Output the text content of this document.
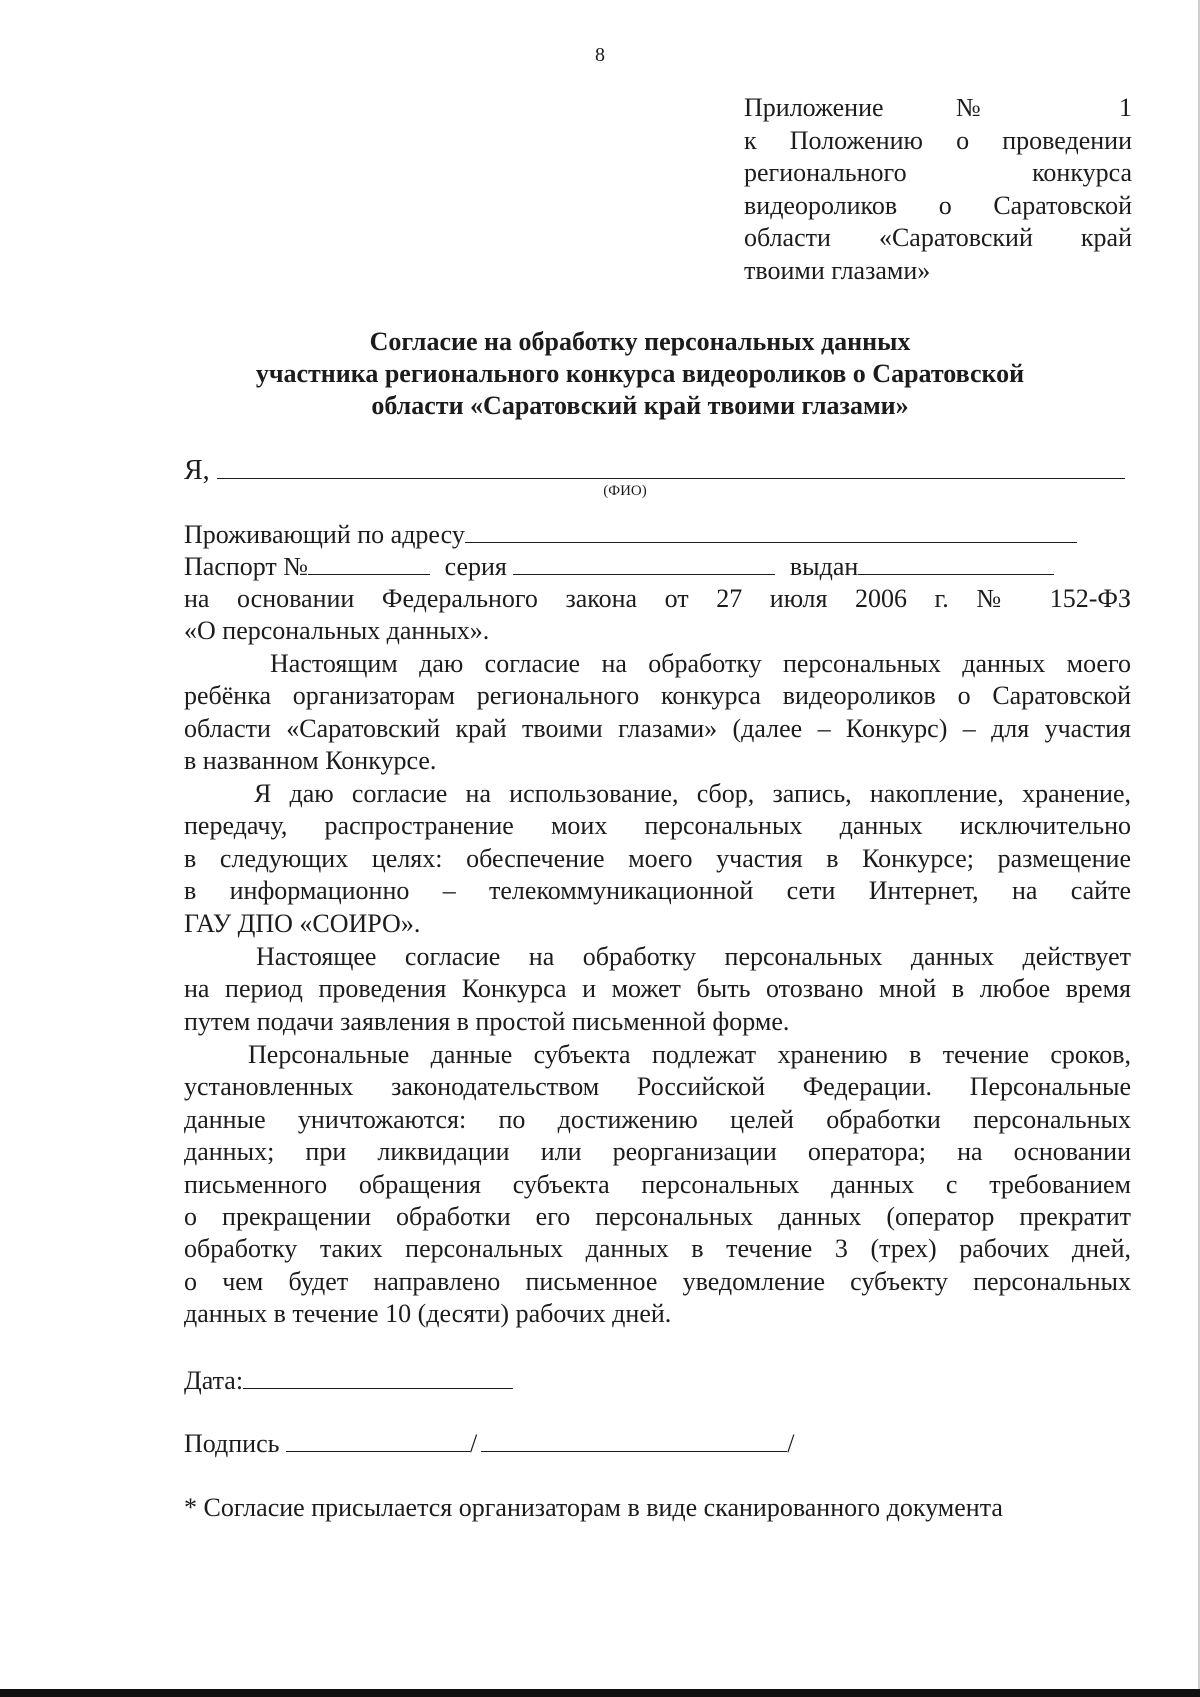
8
Приложение № 1
к Положению о проведении
регионального конкурса
видеороликов о Саратовской
области «Саратовский край
твоими глазами»
Согласие на обработку персональных данных
участника регионального конкурса видеороликов о Саратовской
области «Саратовский край твоими глазами»
Я,
(ФИО)
Проживающий по адресу
Паспорт №	серия	выдан
на основании Федерального закона от 27 июля 2006 г. № 152-ФЗ
«О персональных данных».
Настоящим даю согласие на обработку персональных данных моего
ребёнка организаторам регионального конкурса видеороликов о Саратовской
области «Саратовский край твоими глазами» (далее – Конкурс) – для участия
в названном Конкурсе.
Я даю согласие на использование, сбор, запись, накопление, хранение,
передачу, распространение моих персональных данных исключительно
в следующих целях: обеспечение моего участия в Конкурсе; размещение
в информационно – телекоммуникационной сети Интернет, на сайте
ГАУ ДПО «СОИРО».
Настоящее согласие на обработку персональных данных действует
на период проведения Конкурса и может быть отозвано мной в любое время
путем подачи заявления в простой письменной форме.
Персональные данные субъекта подлежат хранению в течение сроков,
установленных законодательством Российской Федерации. Персональные
данные уничтожаются: по достижению целей обработки персональных
данных; при ликвидации или реорганизации оператора; на основании
письменного обращения субъекта персональных данных с требованием
о прекращении обработки его персональных данных (оператор прекратит
обработку таких персональных данных в течение 3 (трех) рабочих дней,
о чем будет направлено письменное уведомление субъекту персональных
данных в течение 10 (десяти) рабочих дней.
Дата:
Подпись	/	/
* Согласие присылается организаторам в виде сканированного документа
